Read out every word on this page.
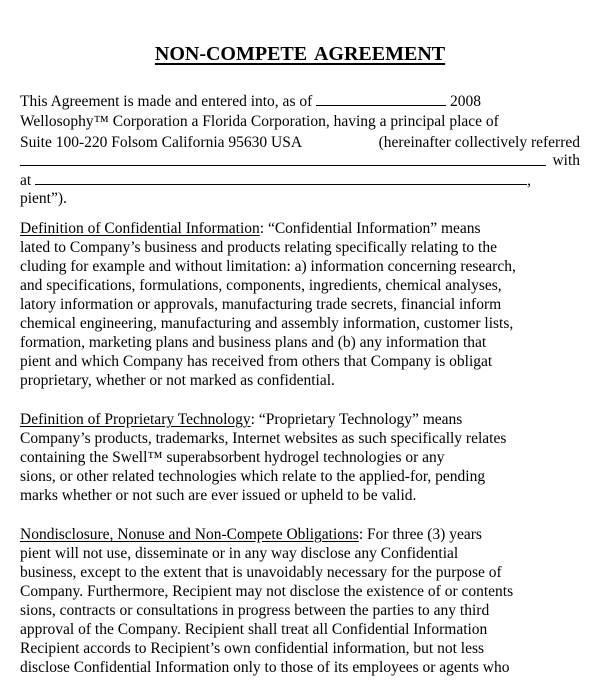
NON-COMPETE AGREEMENT
This Agreement is made and entered into, as of	2008
Wellosophy™ Corporation a Florida Corporation, having a principal place of
Suite 100-220 Folsom California 95630 USA	(hereinafter collectively referred
with
at	,
pient”).
Definition of Confidential Information: “Confidential Information” means
lated to Company’s business and products relating specifically relating to the
cluding for example and without limitation: a) information concerning research,
and specifications, formulations, components, ingredients, chemical analyses,
latory information or approvals, manufacturing trade secrets, financial inform
chemical engineering, manufacturing and assembly information, customer lists,
formation, marketing plans and business plans and (b) any information that
pient and which Company has received from others that Company is obligat
proprietary, whether or not marked as confidential.
Definition of Proprietary Technology: “Proprietary Technology” means
Company’s products, trademarks, Internet websites as such specifically relates
containing the Swell™ superabsorbent hydrogel technologies or any
sions, or other related technologies which relate to the applied-for, pending
marks whether or not such are ever issued or upheld to be valid.
Nondisclosure, Nonuse and Non-Compete Obligations: For three (3) years
pient will not use, disseminate or in any way disclose any Confidential
business, except to the extent that is unavoidably necessary for the purpose of
Company. Furthermore, Recipient may not disclose the existence of or contents
sions, contracts or consultations in progress between the parties to any third
approval of the Company. Recipient shall treat all Confidential Information
Recipient accords to Recipient’s own confidential information, but not less
disclose Confidential Information only to those of its employees or agents who
